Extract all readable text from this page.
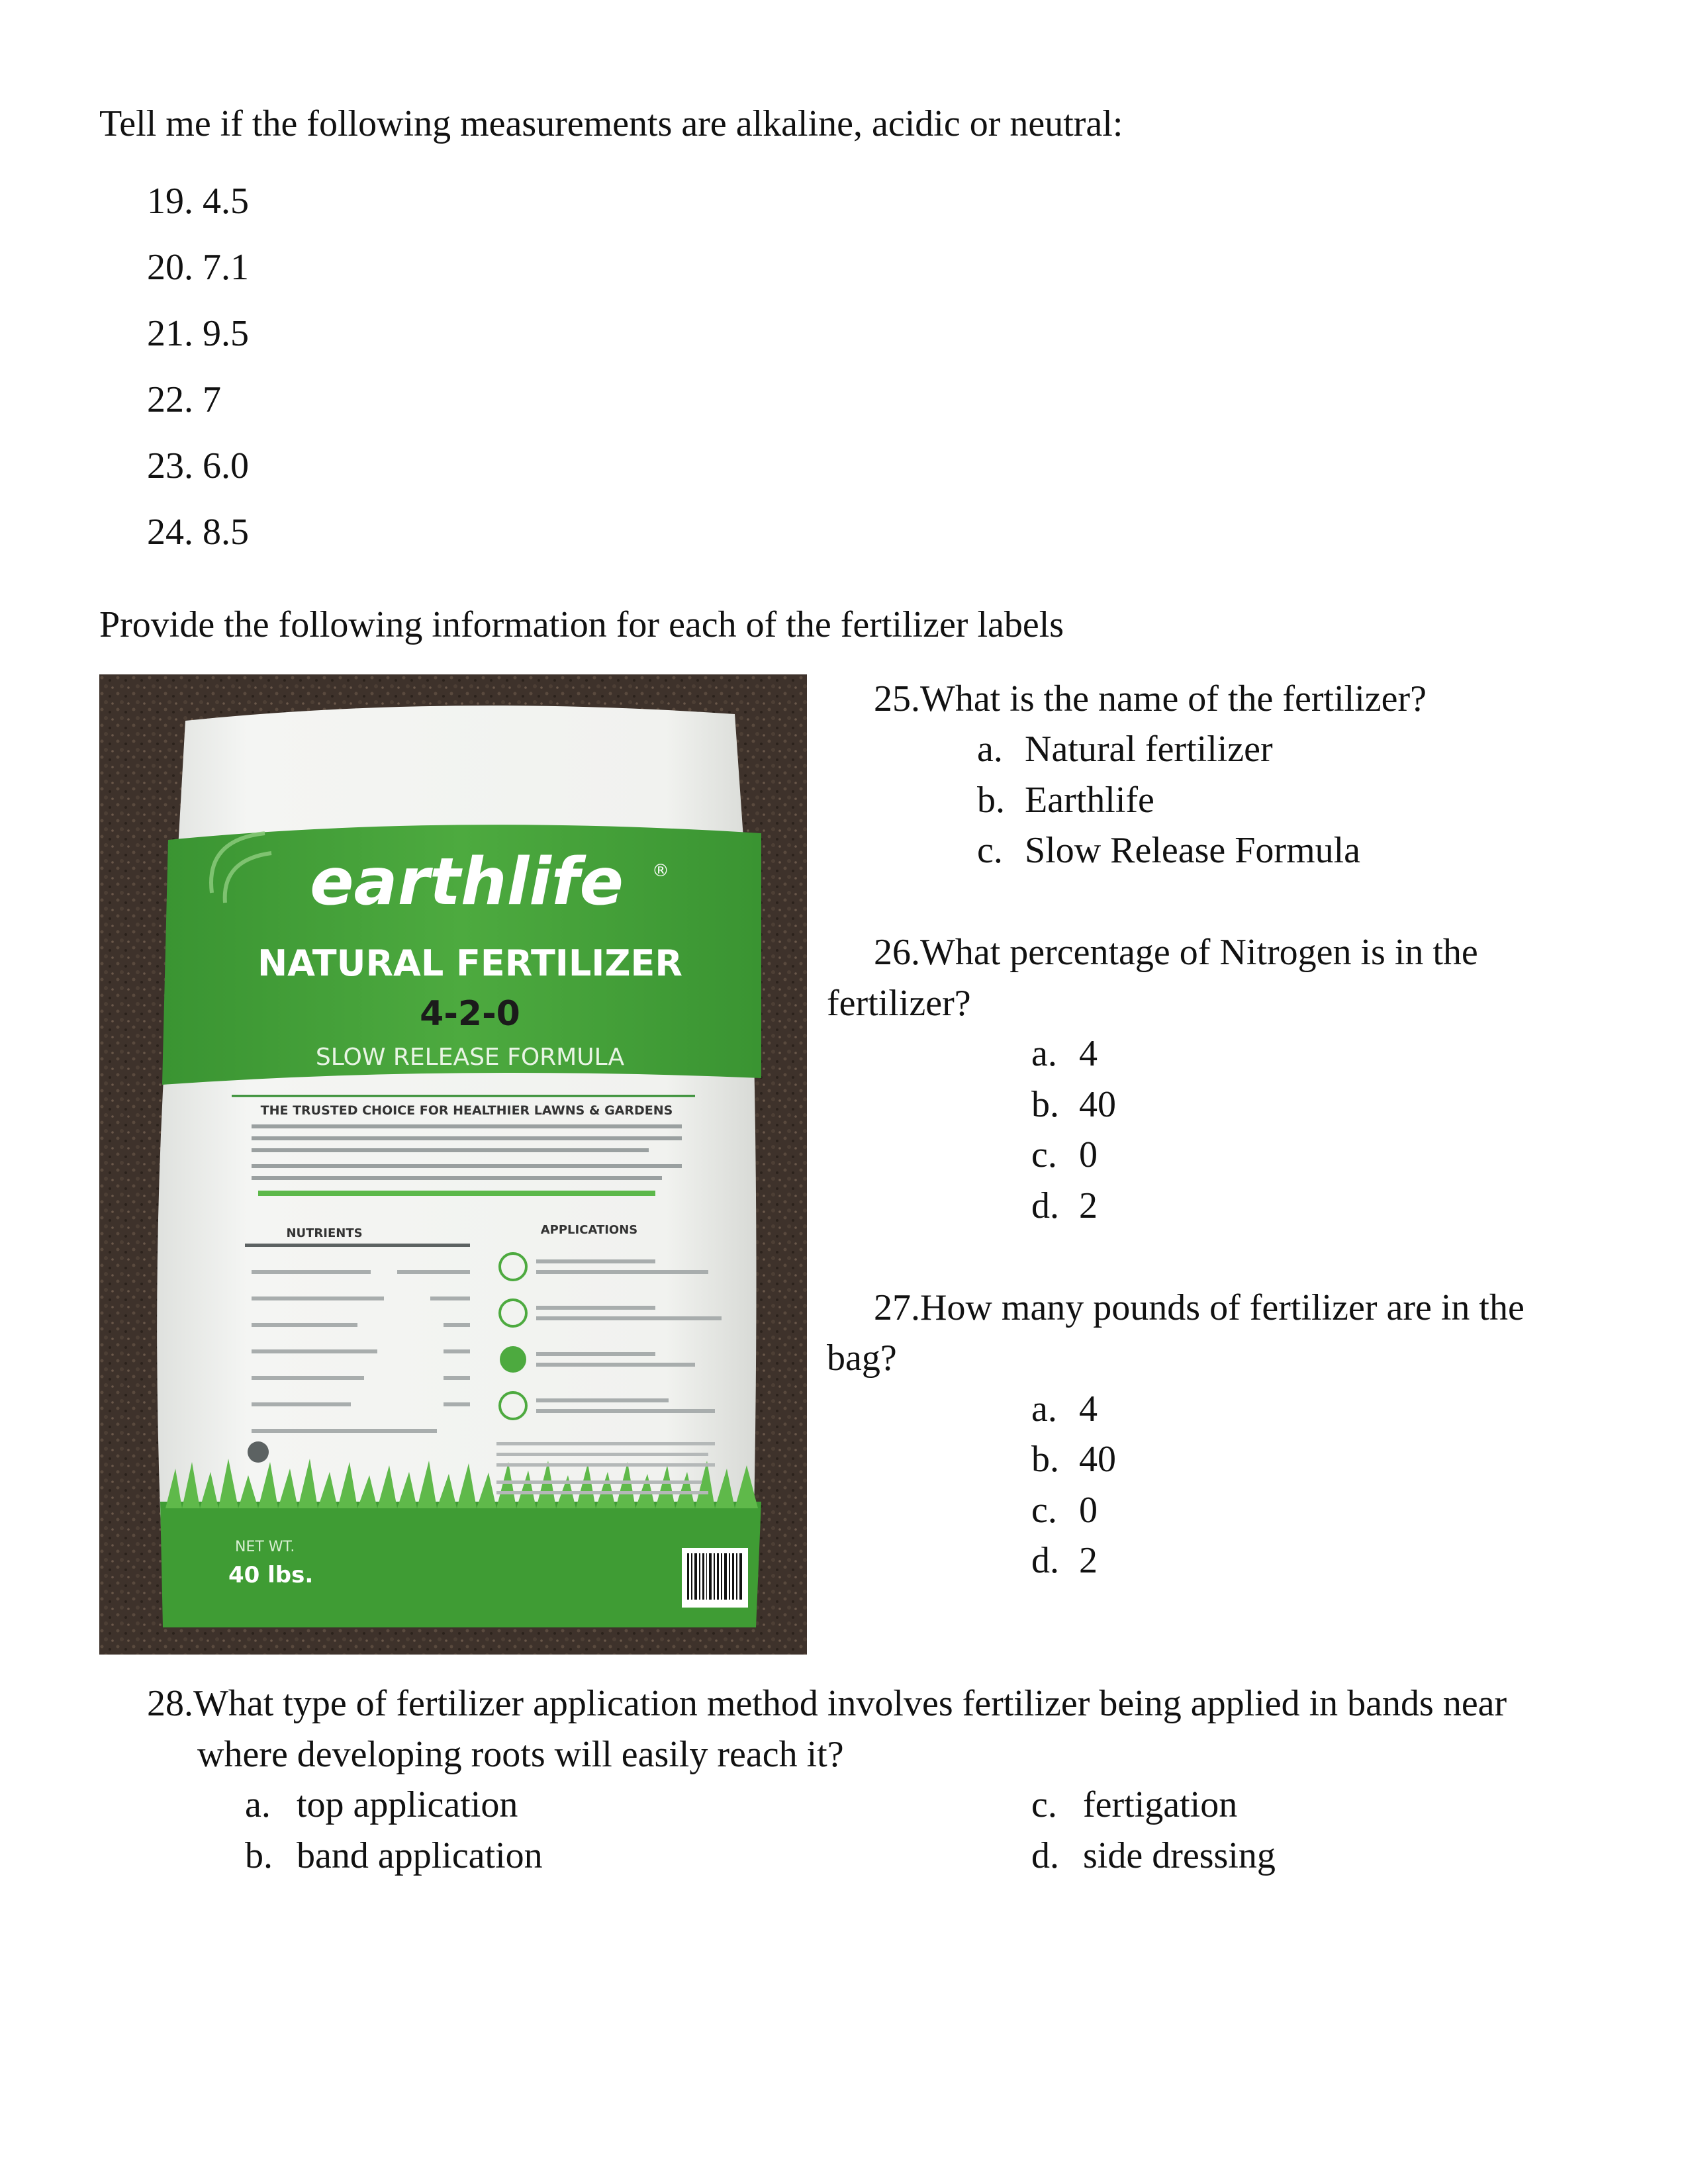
Tell me if the following measurements are alkaline, acidic or neutral:
19. 4.5
20. 7.1
21. 9.5
22. 7
23. 6.0
24. 8.5
Provide the following information for each of the fertilizer labels
earthlife ®
NATURAL FERTILIZER
4-2-0
SLOW RELEASE FORMULA
THE TRUSTED CHOICE FOR HEALTHIER LAWNS & GARDENS
NUTRIENTS	APPLICATIONS
NET WT.
40 lbs.
25.What is the name of the fertilizer?
a. Natural fertilizer
b. Earthlife
c. Slow Release Formula
26.What percentage of Nitrogen is in the
fertilizer?
a. 4
b. 40
c. 0
d. 2
27.How many pounds of fertilizer are in the
bag?
a. 4
b. 40
c. 0
d. 2
28.What type of fertilizer application method involves fertilizer being applied in bands near
where developing roots will easily reach it?
a. top application
b. band application
c. fertigation
d. side dressing
